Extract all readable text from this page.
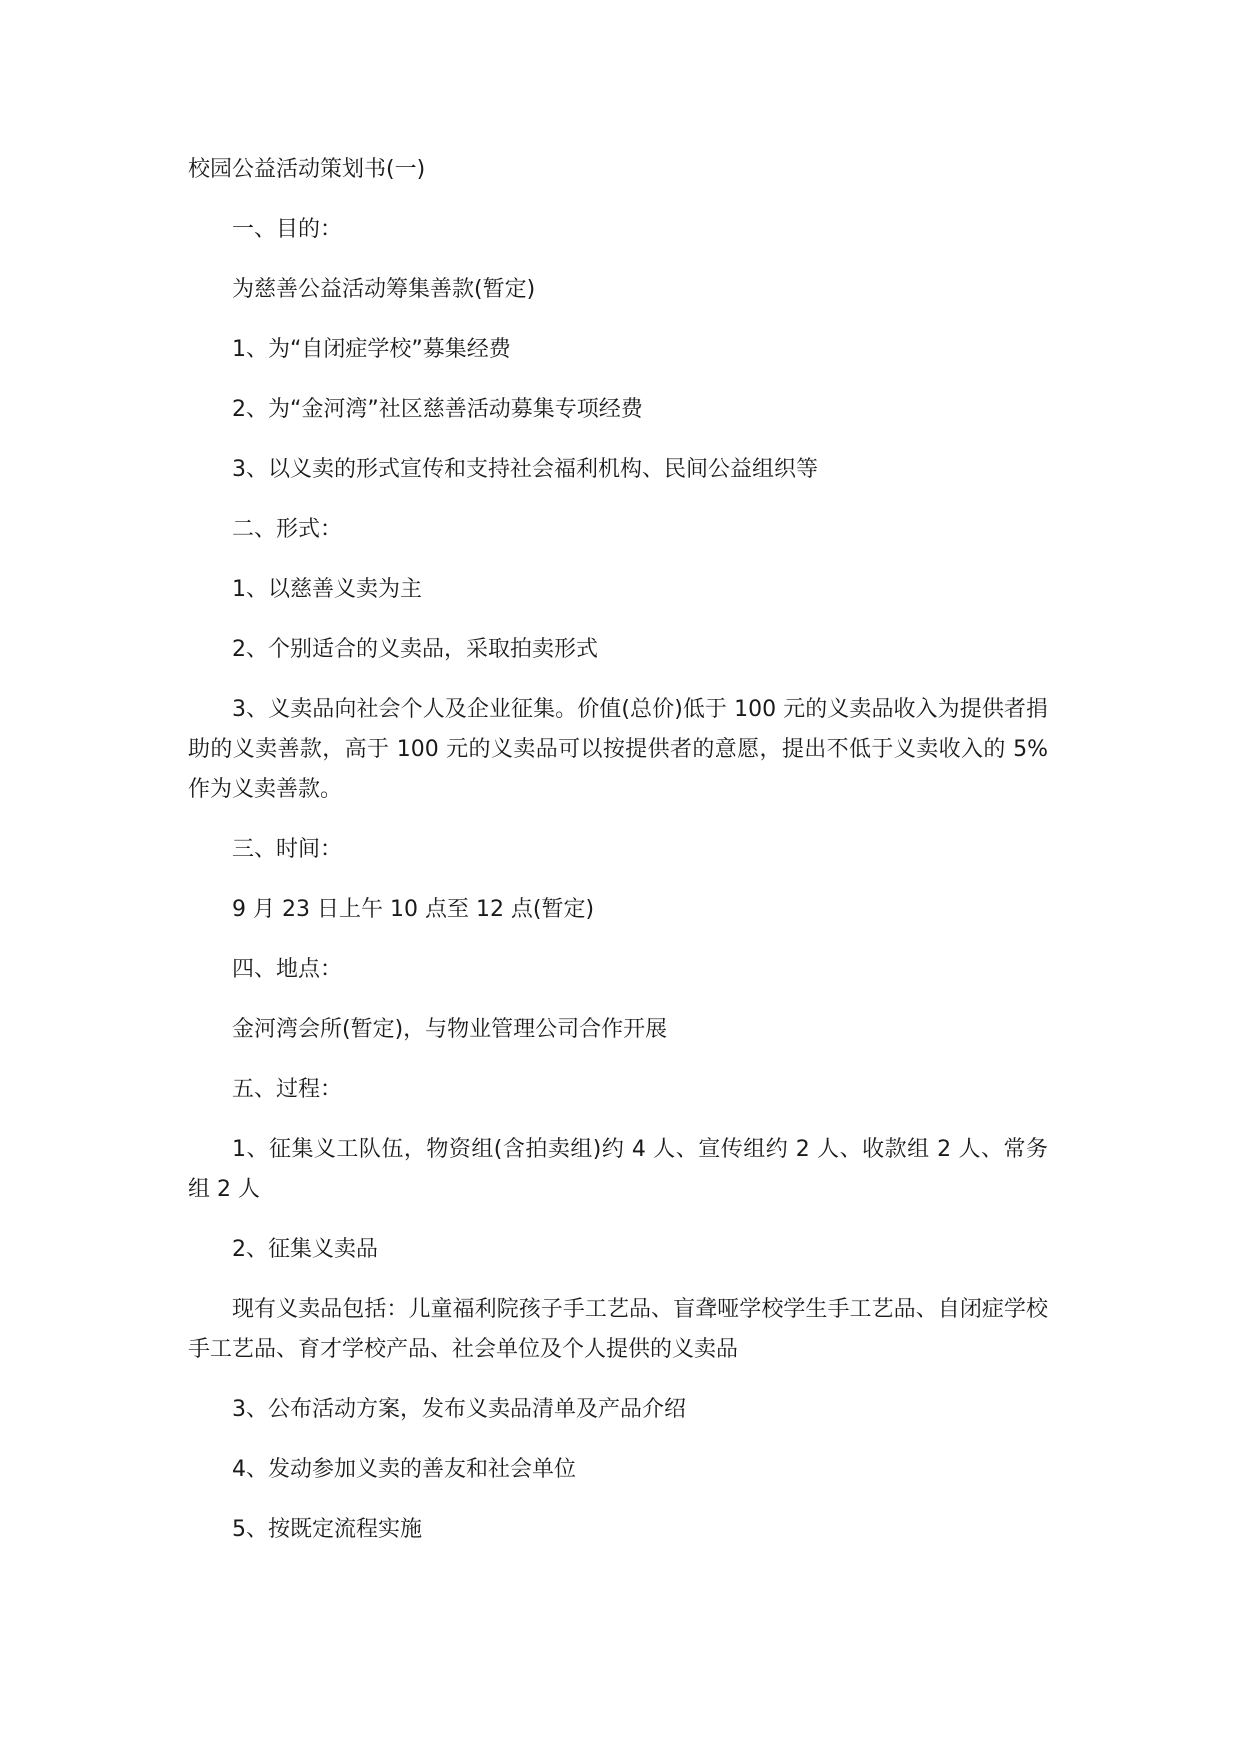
校园公益活动策划书(一)

一、目的：

为慈善公益活动筹集善款(暂定)

1、为“自闭症学校”募集经费

2、为“金河湾”社区慈善活动募集专项经费

3、以义卖的形式宣传和支持社会福利机构、民间公益组织等

二、形式：

1、以慈善义卖为主

2、个别适合的义卖品，采取拍卖形式

3、义卖品向社会个人及企业征集。价值(总价)低于 100 元的义卖品收入为提供者捐助的义卖善款，高于 100 元的义卖品可以按提供者的意愿，提出不低于义卖收入的 5%作为义卖善款。

三、时间：

9 月 23 日上午 10 点至 12 点(暂定)

四、地点：

金河湾会所(暂定)，与物业管理公司合作开展

五、过程：

1、征集义工队伍，物资组(含拍卖组)约 4 人、宣传组约 2 人、收款组 2 人、常务组 2 人

2、征集义卖品

现有义卖品包括：儿童福利院孩子手工艺品、盲聋哑学校学生手工艺品、自闭症学校手工艺品、育才学校产品、社会单位及个人提供的义卖品

3、公布活动方案，发布义卖品清单及产品介绍

4、发动参加义卖的善友和社会单位

5、按既定流程实施
